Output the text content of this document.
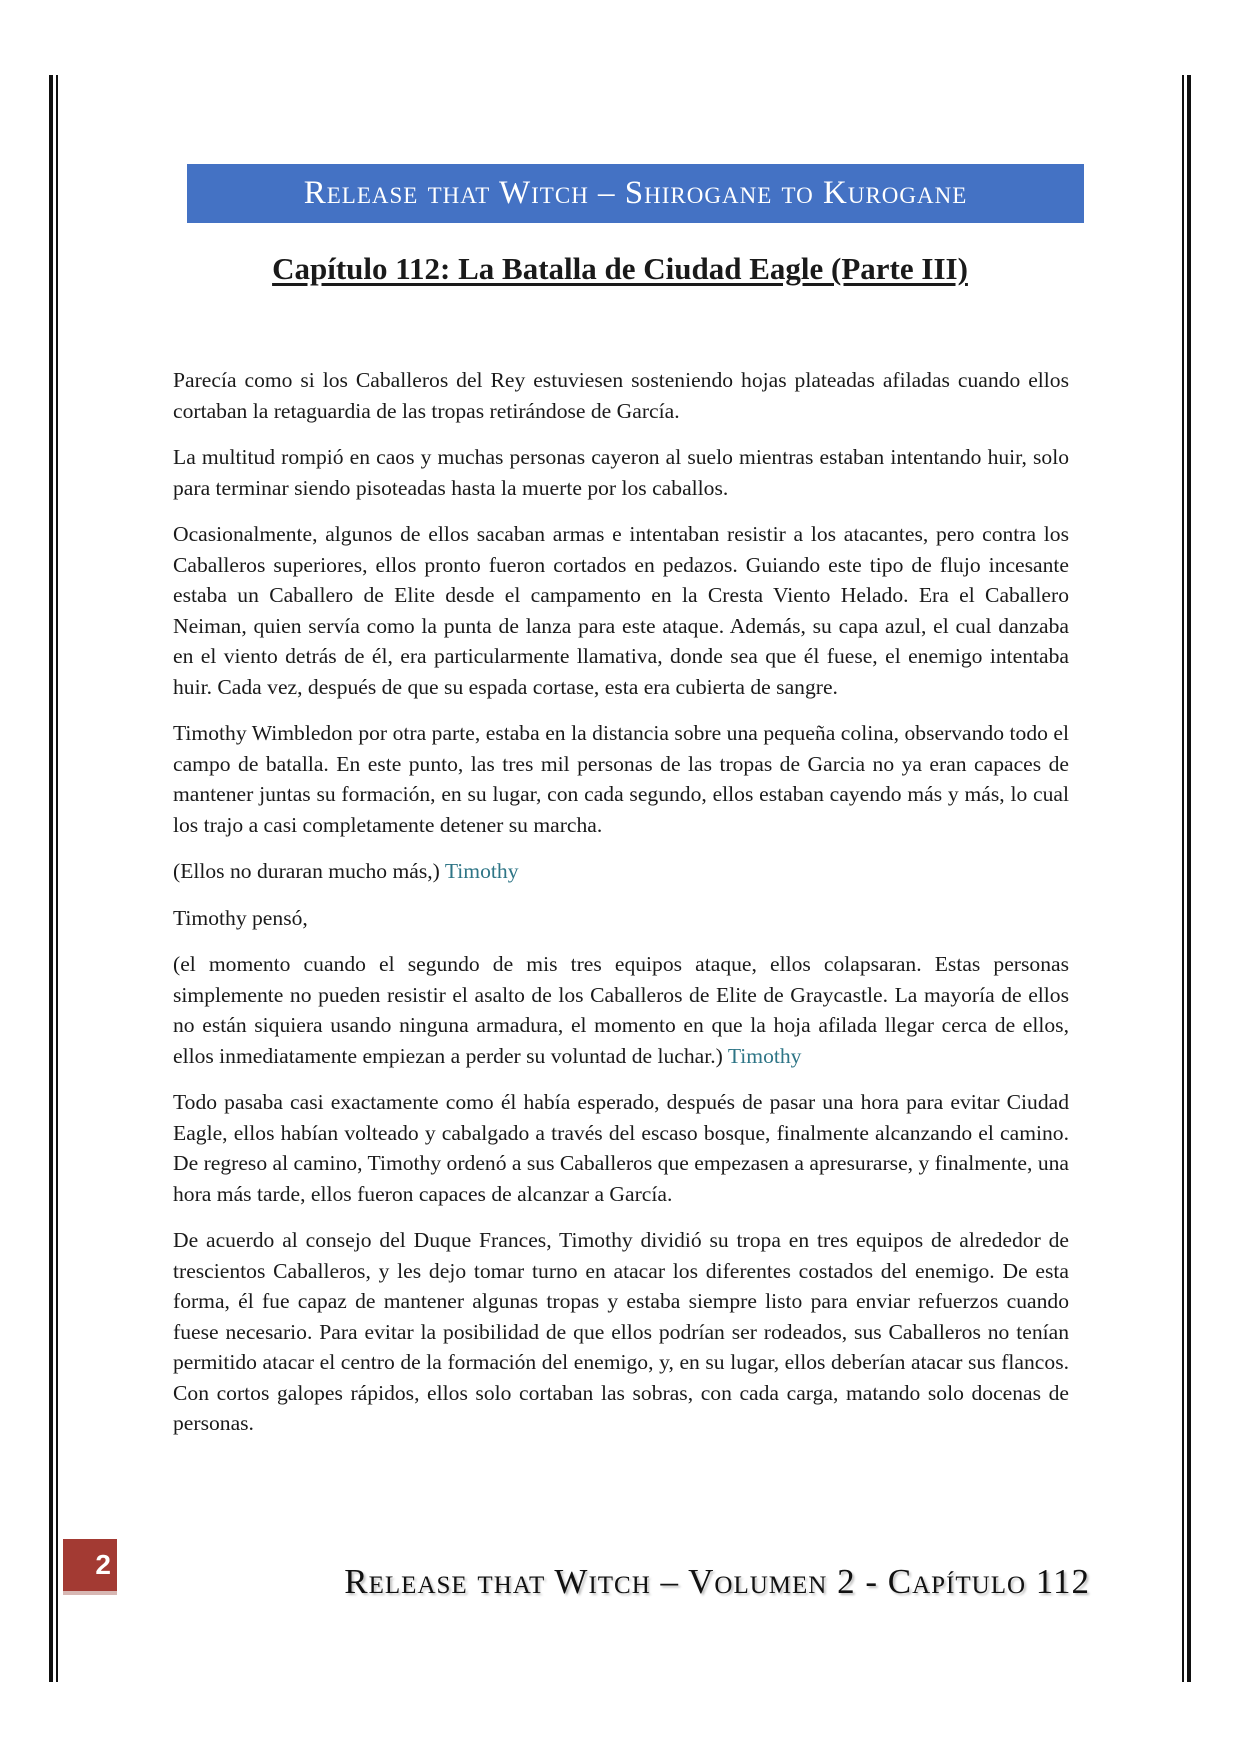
Release that Witch – Shirogane to Kurogane
Capítulo 112: La Batalla de Ciudad Eagle (Parte III)

Parecía como si los Caballeros del Rey estuviesen sosteniendo hojas plateadas afiladas cuando ellos cortaban la retaguardia de las tropas retirándose de García.

La multitud rompió en caos y muchas personas cayeron al suelo mientras estaban intentando huir, solo para terminar siendo pisoteadas hasta la muerte por los caballos.

Ocasionalmente, algunos de ellos sacaban armas e intentaban resistir a los atacantes, pero contra los Caballeros superiores, ellos pronto fueron cortados en pedazos. Guiando este tipo de flujo incesante estaba un Caballero de Elite desde el campamento en la Cresta Viento Helado. Era el Caballero Neiman, quien servía como la punta de lanza para este ataque. Además, su capa azul, el cual danzaba en el viento detrás de él, era particularmente llamativa, donde sea que él fuese, el enemigo intentaba huir. Cada vez, después de que su espada cortase, esta era cubierta de sangre.

Timothy Wimbledon por otra parte, estaba en la distancia sobre una pequeña colina, observando todo el campo de batalla. En este punto, las tres mil personas de las tropas de Garcia no ya eran capaces de mantener juntas su formación, en su lugar, con cada segundo, ellos estaban cayendo más y más, lo cual los trajo a casi completamente detener su marcha.

(Ellos no duraran mucho más,) Timothy

Timothy pensó,

(el momento cuando el segundo de mis tres equipos ataque, ellos colapsaran. Estas personas simplemente no pueden resistir el asalto de los Caballeros de Elite de Graycastle. La mayoría de ellos no están siquiera usando ninguna armadura, el momento en que la hoja afilada llegar cerca de ellos, ellos inmediatamente empiezan a perder su voluntad de luchar.) Timothy

Todo pasaba casi exactamente como él había esperado, después de pasar una hora para evitar Ciudad Eagle, ellos habían volteado y cabalgado a través del escaso bosque, finalmente alcanzando el camino. De regreso al camino, Timothy ordenó a sus Caballeros que empezasen a apresurarse, y finalmente, una hora más tarde, ellos fueron capaces de alcanzar a García.

De acuerdo al consejo del Duque Frances, Timothy dividió su tropa en tres equipos de alrededor de trescientos Caballeros, y les dejo tomar turno en atacar los diferentes costados del enemigo. De esta forma, él fue capaz de mantener algunas tropas y estaba siempre listo para enviar refuerzos cuando fuese necesario. Para evitar la posibilidad de que ellos podrían ser rodeados, sus Caballeros no tenían permitido atacar el centro de la formación del enemigo, y, en su lugar, ellos deberían atacar sus flancos. Con cortos galopes rápidos, ellos solo cortaban las sobras, con cada carga, matando solo docenas de personas.

2	Release that Witch – Volumen 2 - Capítulo 112
